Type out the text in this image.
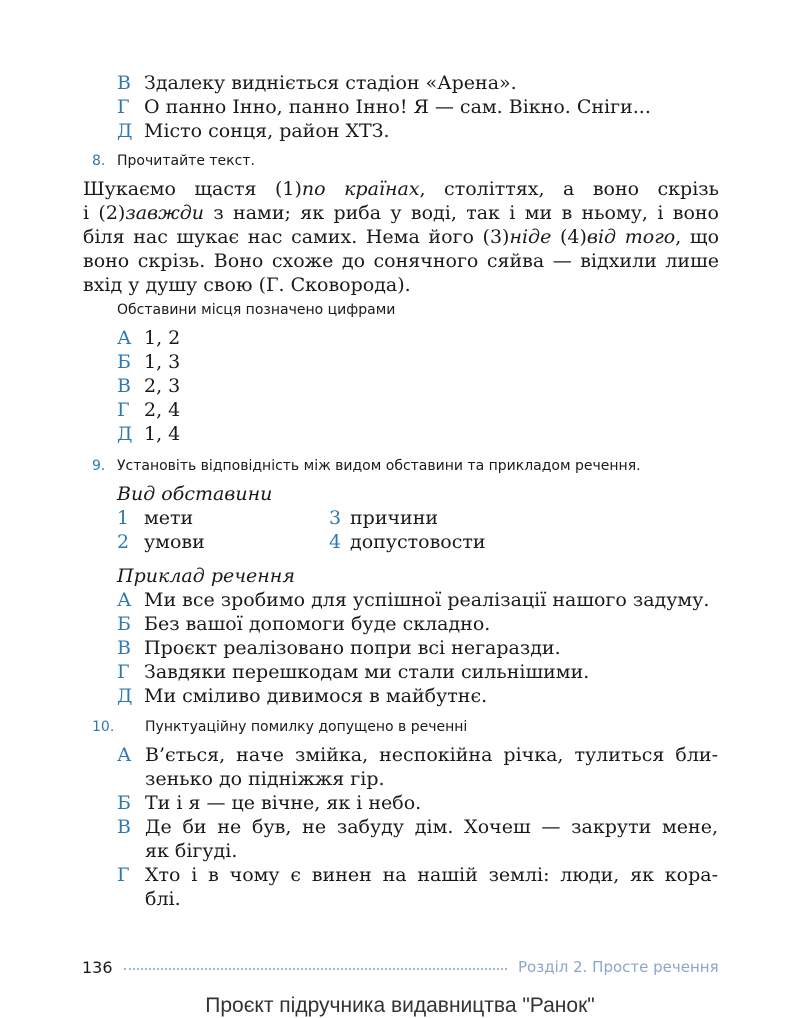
В Здалеку видніється стадіон «Арена».
Г О панно Інно, панно Інно! Я — сам. Вікно. Сніги...
Д Місто сонця, район ХТЗ.
8. Прочитайте текст.

Шукаємо щастя (1)по країнах, століттях, а воно скрізь

і (2)завжди з нами; як риба у воді, так і ми в ньому, і воно

біля нас шукає нас самих. Нема його (3)ніде (4)від того, що

воно скрізь. Воно схоже до сонячного сяйва — відхили лише

вхід у душу свою (Г. Сковорода).

Обставини місця позначено цифрами
А 1, 2
Б 1, 3
В 2, 3
Г 2, 4
Д 1, 4
9. Установіть відповідність між видом обставини та прикладом речення.
Вид обставини
1 мети
2 умови
3 причини
4 допустовости
Приклад речення
А Ми все зробимо для успішної реалізації нашого задуму.
Б Без вашої допомоги буде складно.
В Проєкт реалізовано попри всі негаразди.
Г Завдяки перешкодам ми стали сильнішими.
Д Ми сміливо дивимося в майбутнє.
10. Пунктуаційну помилку допущено в реченні
А В’ється, наче змійка, неспокійна річка, тулиться бли-
зенько до підніжжя гір.
Б Ти і я — це вічне, як і небо.
В Де би не був, не забуду дім. Хочеш — закрути мене,
як бігуді.
Г Хто і в чому є винен на нашій землі: люди, як кора-
блі.
136	Розділ 2. Просте речення
Проєкт підручника видавництва "Ранок"
